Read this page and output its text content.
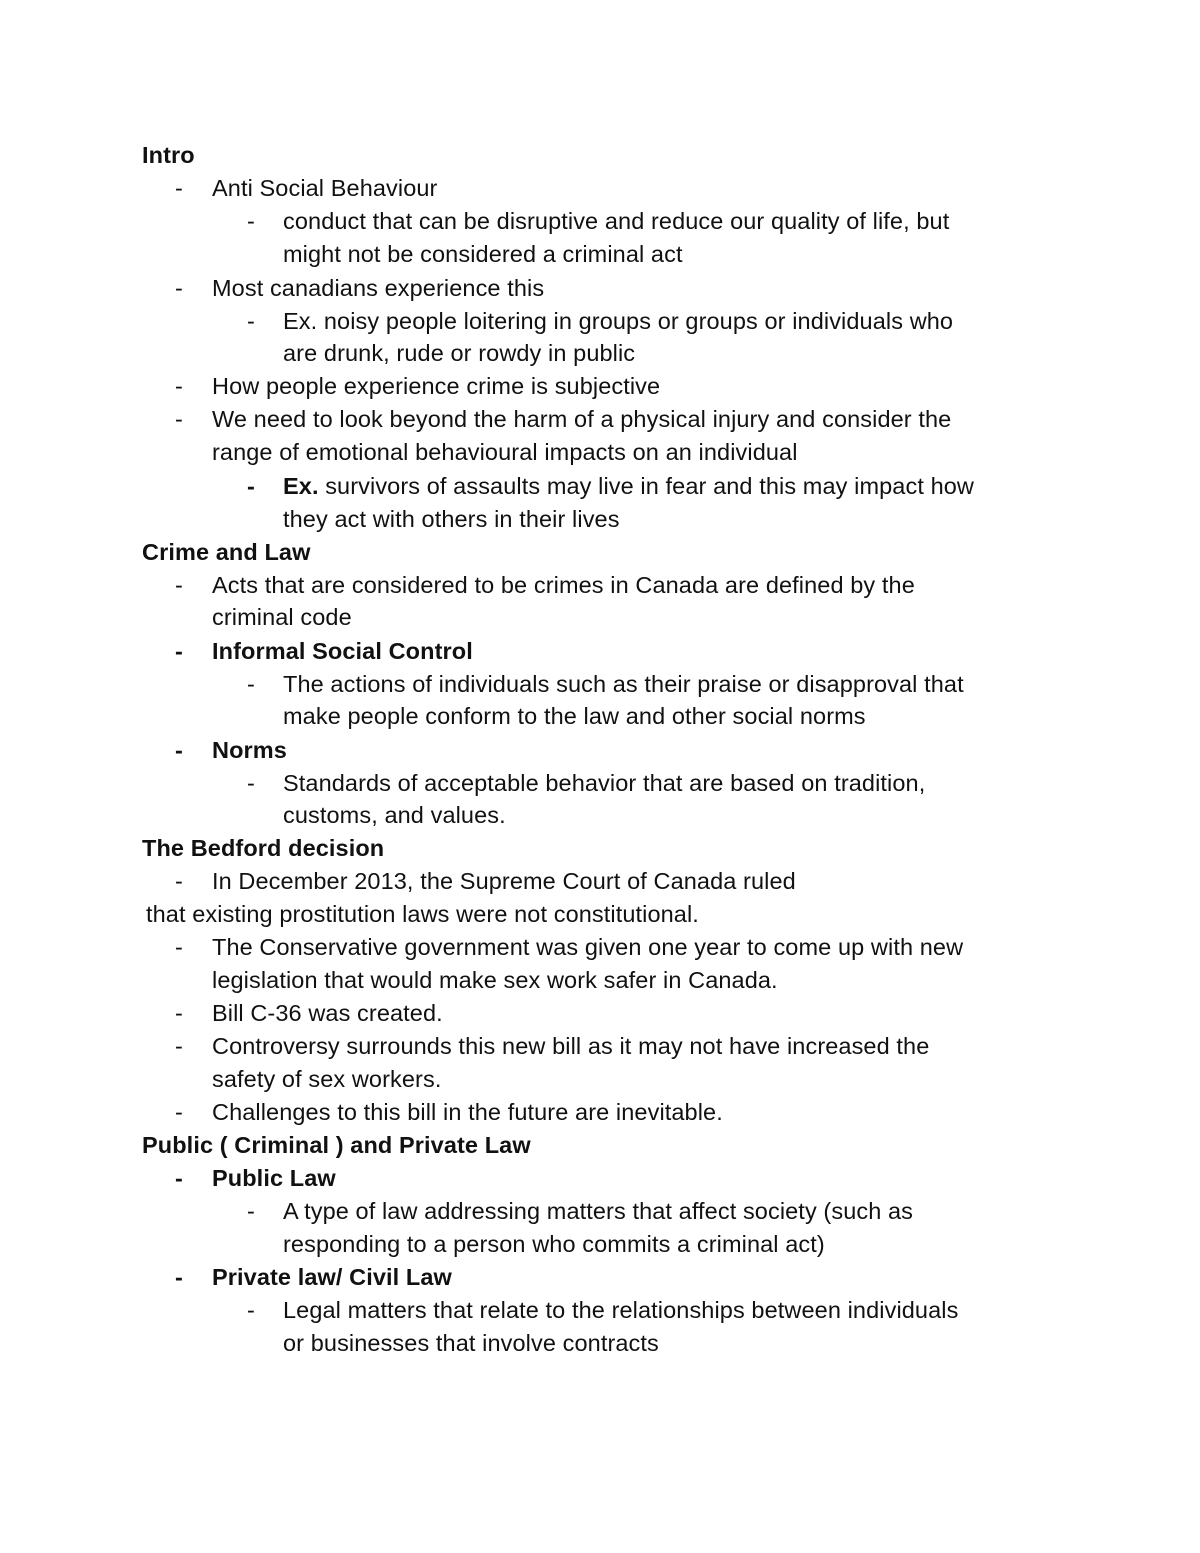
Intro
- Anti Social Behaviour
- conduct that can be disruptive and reduce our quality of life, but
might not be considered a criminal act
- Most canadians experience this
- Ex. noisy people loitering in groups or groups or individuals who
are drunk, rude or rowdy in public
- How people experience crime is subjective
- We need to look beyond the harm of a physical injury and consider the
range of emotional behavioural impacts on an individual
- Ex. survivors of assaults may live in fear and this may impact how
they act with others in their lives
Crime and Law
- Acts that are considered to be crimes in Canada are defined by the
criminal code
- Informal Social Control
- The actions of individuals such as their praise or disapproval that
make people conform to the law and other social norms
- Norms
- Standards of acceptable behavior that are based on tradition,
customs, and values.
The Bedford decision
- In December 2013, the Supreme Court of Canada ruled
that existing prostitution laws were not constitutional.
- The Conservative government was given one year to come up with new
legislation that would make sex work safer in Canada.
- Bill C-36 was created.
- Controversy surrounds this new bill as it may not have increased the
safety of sex workers.
- Challenges to this bill in the future are inevitable.
Public ( Criminal ) and Private Law
- Public Law
- A type of law addressing matters that affect society (such as
responding to a person who commits a criminal act)
- Private law/ Civil Law
- Legal matters that relate to the relationships between individuals
or businesses that involve contracts
